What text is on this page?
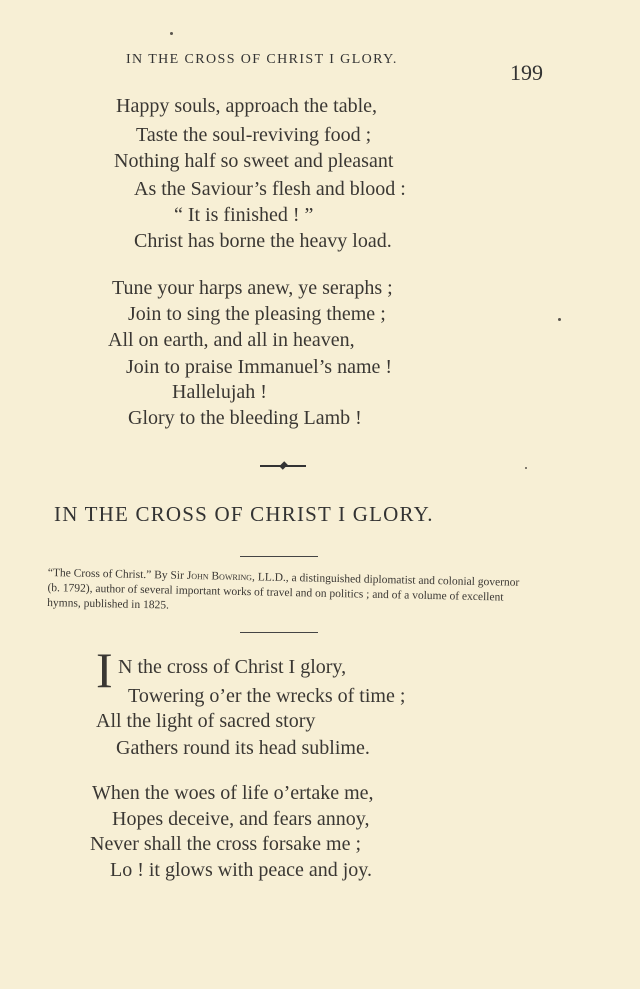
IN THE CROSS OF CHRIST I GLORY.
199
Happy souls, approach the table,
Taste the soul-reviving food ;
Nothing half so sweet and pleasant
As the Saviour’s flesh and blood :
“ It is finished ! ”
Christ has borne the heavy load.
Tune your harps anew, ye seraphs ;
Join to sing the pleasing theme ;
All on earth, and all in heaven,
Join to praise Immanuel’s name !
Hallelujah !
Glory to the bleeding Lamb !
IN THE CROSS OF CHRIST I GLORY.
“The Cross of Christ.” By Sir John Bowring, LL.D., a distinguished diplomatist and colonial governor (b. 1792), author of several important works of travel and on politics ; and of a volume of excellent hymns, published in 1825.
I N the cross of Christ I glory,
Towering o’er the wrecks of time ;
All the light of sacred story
Gathers round its head sublime.
When the woes of life o’ertake me,
Hopes deceive, and fears annoy,
Never shall the cross forsake me ;
Lo ! it glows with peace and joy.
